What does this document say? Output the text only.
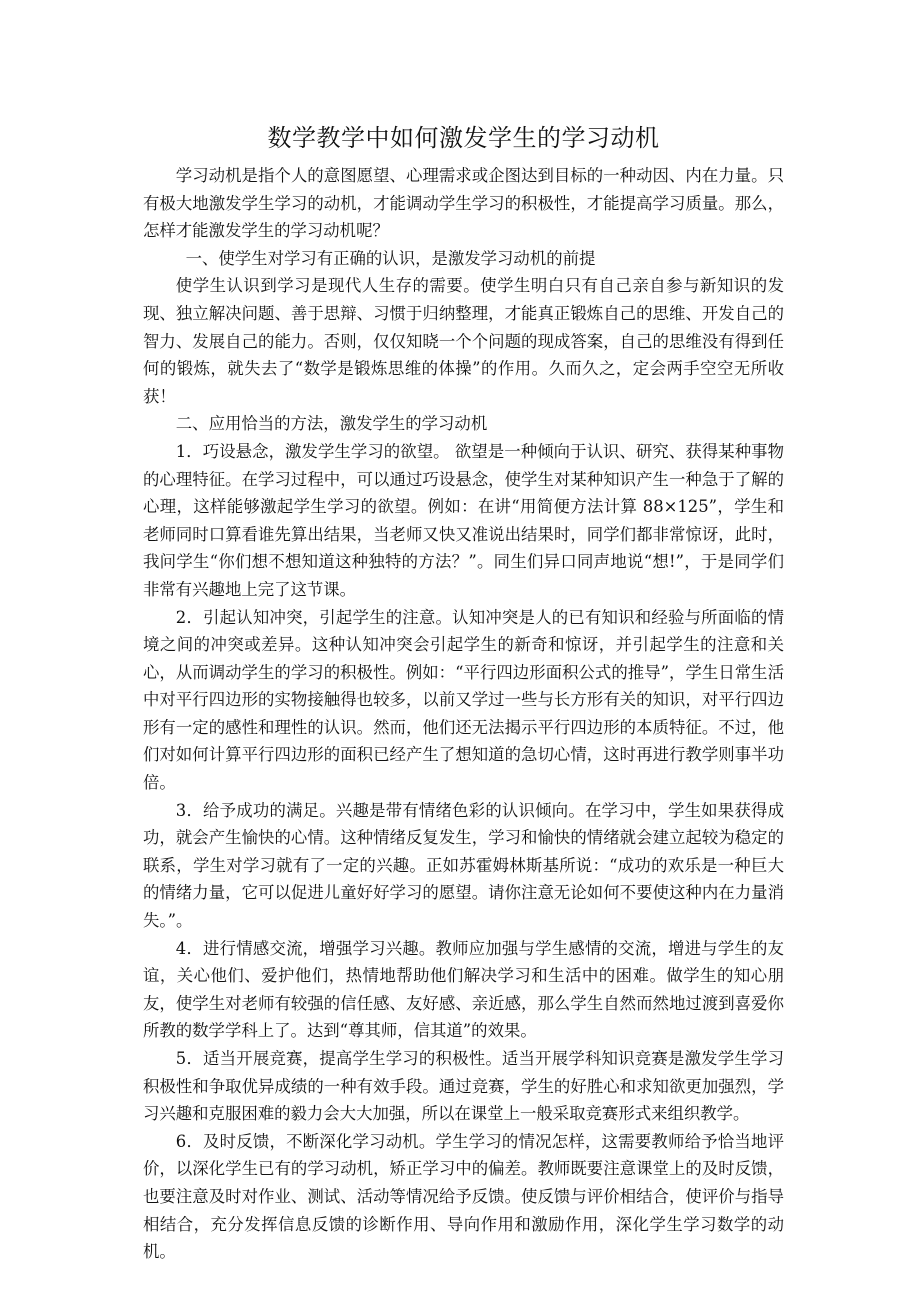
数学教学中如何激发学生的学习动机

学习动机是指个人的意图愿望、心理需求或企图达到目标的一种动因、内在力量。只有极大地激发学生学习的动机，才能调动学生学习的积极性，才能提高学习质量。那么，怎样才能激发学生的学习动机呢？

一、使学生对学习有正确的认识，是激发学习动机的前提

使学生认识到学习是现代人生存的需要。使学生明白只有自己亲自参与新知识的发现、独立解决问题、善于思辩、习惯于归纳整理，才能真正锻炼自己的思维、开发自己的智力、发展自己的能力。否则，仅仅知晓一个个问题的现成答案，自己的思维没有得到任何的锻炼，就失去了“数学是锻炼思维的体操”的作用。久而久之，定会两手空空无所收获！

二、应用恰当的方法，激发学生的学习动机

1．巧设悬念，激发学生学习的欲望。 欲望是一种倾向于认识、研究、获得某种事物的心理特征。在学习过程中，可以通过巧设悬念，使学生对某种知识产生一种急于了解的心理，这样能够激起学生学习的欲望。例如：在讲“用简便方法计算 88×125”，学生和老师同时口算看谁先算出结果，当老师又快又准说出结果时，同学们都非常惊讶，此时，我问学生“你们想不想知道这种独特的方法？”。同生们异口同声地说“想!”，于是同学们非常有兴趣地上完了这节课。

2．引起认知冲突，引起学生的注意。认知冲突是人的已有知识和经验与所面临的情境之间的冲突或差异。这种认知冲突会引起学生的新奇和惊讶，并引起学生的注意和关心，从而调动学生的学习的积极性。例如：“平行四边形面积公式的推导”，学生日常生活中对平行四边形的实物接触得也较多，以前又学过一些与长方形有关的知识，对平行四边形有一定的感性和理性的认识。然而，他们还无法揭示平行四边形的本质特征。不过，他们对如何计算平行四边形的面积已经产生了想知道的急切心情，这时再进行教学则事半功倍。

3．给予成功的满足。兴趣是带有情绪色彩的认识倾向。在学习中，学生如果获得成功，就会产生愉快的心情。这种情绪反复发生，学习和愉快的情绪就会建立起较为稳定的联系，学生对学习就有了一定的兴趣。正如苏霍姆林斯基所说：“成功的欢乐是一种巨大的情绪力量，它可以促进儿童好好学习的愿望。请你注意无论如何不要使这种内在力量消失。”。

4．进行情感交流，增强学习兴趣。教师应加强与学生感情的交流，增进与学生的友谊，关心他们、爱护他们，热情地帮助他们解决学习和生活中的困难。做学生的知心朋友，使学生对老师有较强的信任感、友好感、亲近感，那么学生自然而然地过渡到喜爱你所教的数学学科上了。达到“尊其师，信其道”的效果。

5．适当开展竞赛，提高学生学习的积极性。适当开展学科知识竞赛是激发学生学习积极性和争取优异成绩的一种有效手段。通过竞赛，学生的好胜心和求知欲更加强烈，学习兴趣和克服困难的毅力会大大加强，所以在课堂上一般采取竞赛形式来组织教学。

6．及时反馈，不断深化学习动机。学生学习的情况怎样，这需要教师给予恰当地评价，以深化学生已有的学习动机，矫正学习中的偏差。教师既要注意课堂上的及时反馈，也要注意及时对作业、测试、活动等情况给予反馈。使反馈与评价相结合，使评价与指导相结合，充分发挥信息反馈的诊断作用、导向作用和激励作用，深化学生学习数学的动机。
